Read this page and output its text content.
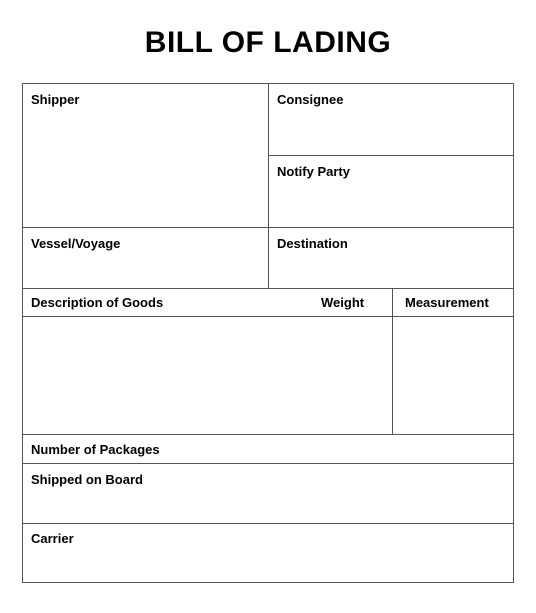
BILL OF LADING
Shipper	Consignee
Notify Party
Vessel/Voyage	Destination
Description of Goods	Weight	Measurement
Number of Packages
Shipped on Board
Carrier
